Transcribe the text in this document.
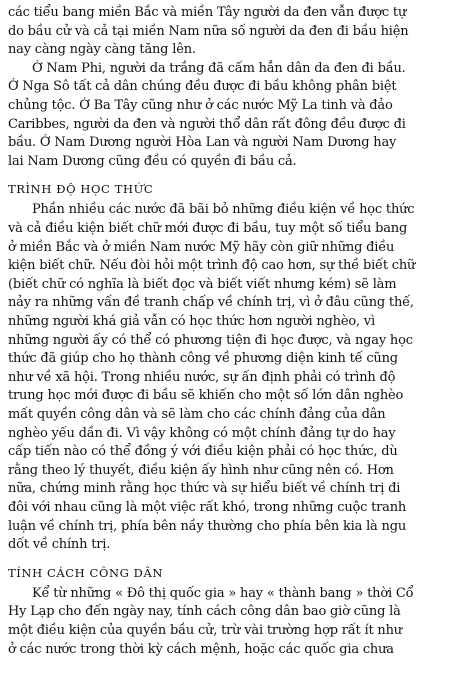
các tiểu bang miền Bắc và miền Tây người da đen vẫn được tự
do bầu cử và cả tại miền Nam nữa số người da đen đi bầu hiện
nay càng ngày càng tăng lên.
Ở Nam Phi, người da trắng đã cấm hẳn dân da đen đi bầu.
Ở Nga Sô tất cả dân chúng đều được đi bầu không phân biệt
chủng tộc. Ở Ba Tây cũng như ở các nước Mỹ La tinh và đảo
Caribbes, người da đen và người thổ dân rất đông đều được đi
bầu. Ở Nam Dương người Hòa Lan và người Nam Dương hay
lai Nam Dương cũng đều có quyền đi bầu cả.
TRÌNH ĐỘ HỌC THỨC
Phần nhiều các nước đã bãi bỏ những điều kiện về học thức
và cả điều kiện biết chữ mới được đi bầu, tuy một số tiểu bang
ở miền Bắc và ở miền Nam nước Mỹ hãy còn giữ những điều
kiện biết chữ. Nếu đòi hỏi một trình độ cao hơn, sự thề biết chữ
(biết chữ có nghĩa là biết đọc và biết viết nhưng kém) sẽ làm
nảy ra những vấn đề tranh chấp về chính trị, vì ở đâu cũng thế,
những người khá giả vẫn có học thức hơn người nghèo, vì
những người ấy có thể có phương tiện đi học được, và ngay học
thức đã giúp cho họ thành công về phương diện kinh tế cũng
như về xã hội. Trong nhiều nước, sự ấn định phải có trình độ
trung học mới được đi bầu sẽ khiến cho một số lớn dân nghèo
mất quyền công dân và sẽ làm cho các chính đảng của dân
nghèo yếu dần đi. Vì vậy không có một chính đảng tự do hay
cấp tiến nào có thể đồng ý với điều kiện phải có học thức, dù
rằng theo lý thuyết, điều kiện ấy hình như cũng nên có. Hơn
nữa, chứng minh rằng học thức và sự hiểu biết về chính trị đi
đôi với nhau cũng là một việc rất khó, trong những cuộc tranh
luận về chính trị, phía bên nầy thường cho phía bên kia là ngu
dốt về chính trị.
TÍNH CÁCH CÔNG DÂN
Kể từ những « Đô thị quốc gia » hay « thành bang » thời Cổ
Hy Lạp cho đến ngày nay, tính cách công dân bao giờ cũng là
một điều kiện của quyền bầu cử, trừ vài trường hợp rất ít như
ở các nước trong thời kỳ cách mệnh, hoặc các quốc gia chưa
